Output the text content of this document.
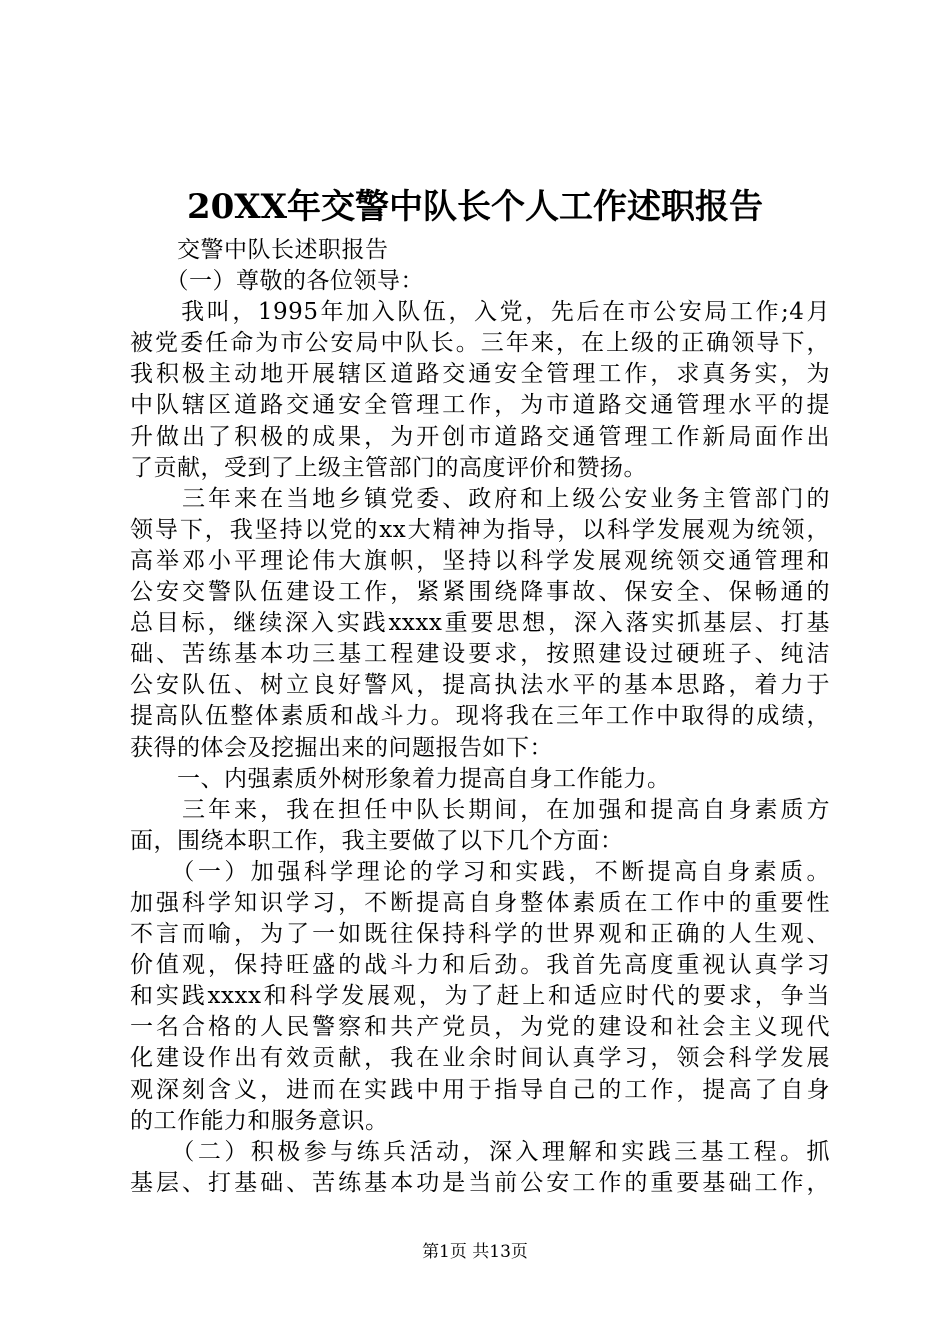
20XX年交警中队长个人工作述职报告
　　交警中队长述职报告
　　（一）尊敬的各位领导：
　　我叫，1995年加入队伍，入党，先后在市公安局工作;4月
被党委任命为市公安局中队长。三年来，在上级的正确领导下，
我积极主动地开展辖区道路交通安全管理工作，求真务实，为
中队辖区道路交通安全管理工作，为市道路交通管理水平的提
升做出了积极的成果，为开创市道路交通管理工作新局面作出
了贡献，受到了上级主管部门的高度评价和赞扬。
　　三年来在当地乡镇党委、政府和上级公安业务主管部门的
领导下，我坚持以党的xx大精神为指导，以科学发展观为统领，
高举邓小平理论伟大旗帜，坚持以科学发展观统领交通管理和
公安交警队伍建设工作，紧紧围绕降事故、保安全、保畅通的
总目标，继续深入实践xxxx重要思想，深入落实抓基层、打基
础、苦练基本功三基工程建设要求，按照建设过硬班子、纯洁
公安队伍、树立良好警风，提高执法水平的基本思路，着力于
提高队伍整体素质和战斗力。现将我在三年工作中取得的成绩，
获得的体会及挖掘出来的问题报告如下：
　　一、内强素质外树形象着力提高自身工作能力。
　　三年来，我在担任中队长期间，在加强和提高自身素质方
面，围绕本职工作，我主要做了以下几个方面：
　　（一）加强科学理论的学习和实践，不断提高自身素质。
加强科学知识学习，不断提高自身整体素质在工作中的重要性
不言而喻，为了一如既往保持科学的世界观和正确的人生观、
价值观，保持旺盛的战斗力和后劲。我首先高度重视认真学习
和实践xxxx和科学发展观，为了赶上和适应时代的要求，争当
一名合格的人民警察和共产党员，为党的建设和社会主义现代
化建设作出有效贡献，我在业余时间认真学习，领会科学发展
观深刻含义，进而在实践中用于指导自己的工作，提高了自身
的工作能力和服务意识。
　　（二）积极参与练兵活动，深入理解和实践三基工程。抓
基层、打基础、苦练基本功是当前公安工作的重要基础工作，
第1页 共13页
